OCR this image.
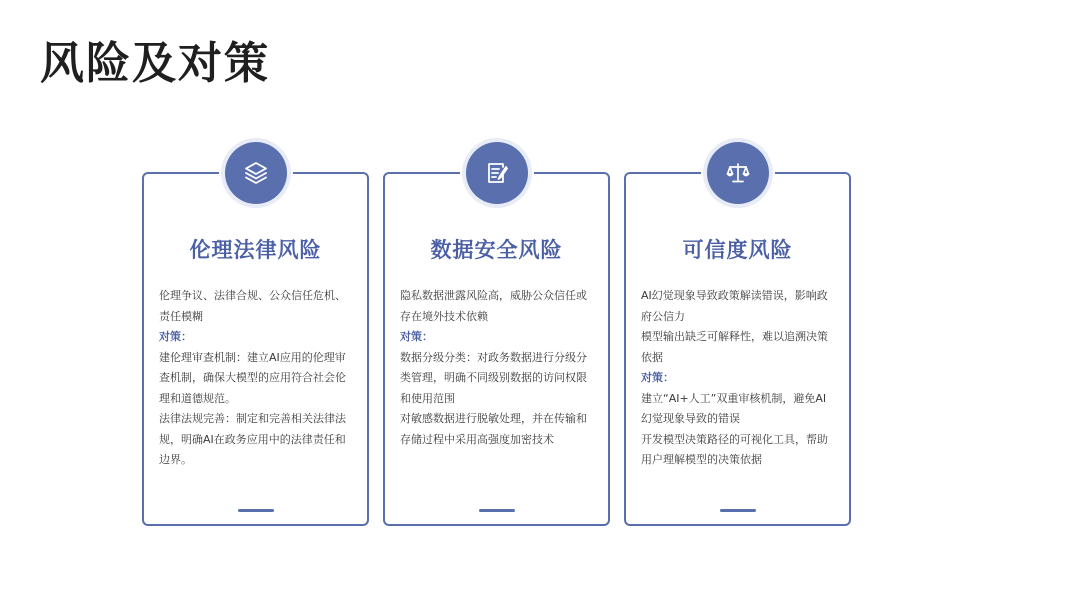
风险及对策
伦理法律风险

伦理争议、法律合规、公众信任危机、责任模糊

对策：

建伦理审查机制：建立AI应用的伦理审查机制，确保大模型的应用符合社会伦理和道德规范。

法律法规完善：制定和完善相关法律法规，明确AI在政务应用中的法律责任和边界。

数据安全风险

隐私数据泄露风险高，威胁公众信任或存在境外技术依赖

对策：

数据分级分类：对政务数据进行分级分类管理，明确不同级别数据的访问权限和使用范围

对敏感数据进行脱敏处理，并在传输和存储过程中采用高强度加密技术

可信度风险

AI幻觉现象导致政策解读错误，影响政府公信力

模型输出缺乏可解释性，难以追溯决策依据

对策：

建立“AI+人工”双重审核机制，避免AI幻觉现象导致的错误

开发模型决策路径的可视化工具，帮助用户理解模型的决策依据
